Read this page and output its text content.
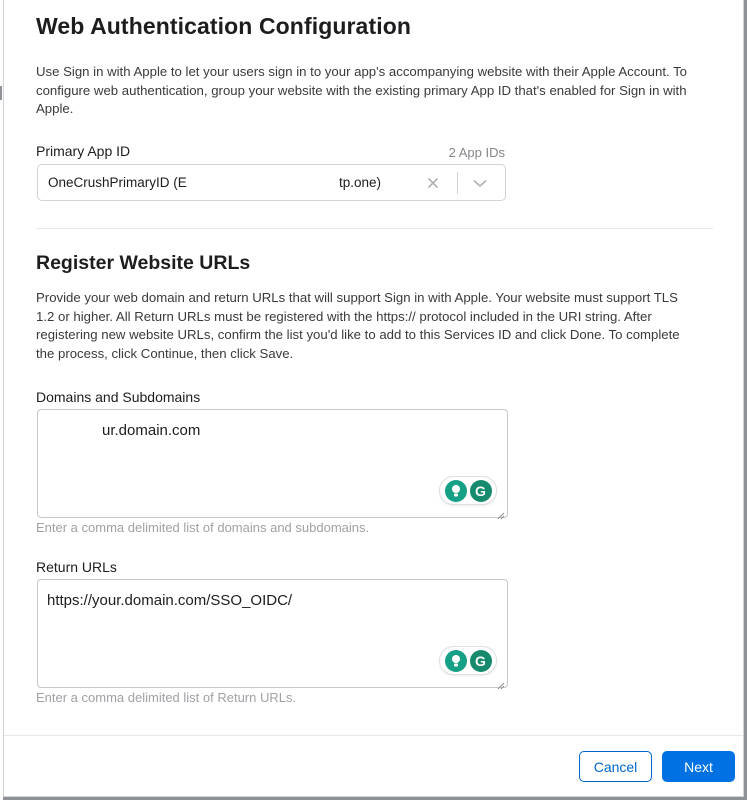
Web Authentication Configuration
Use Sign in with Apple to let your users sign in to your app's accompanying website with their Apple Account. To configure web authentication, group your website with the existing primary App ID that's enabled for Sign in with Apple.
Primary App ID	2 App IDs
OneCrushPrimaryID (E	tp.one)
Register Website URLs
Provide your web domain and return URLs that will support Sign in with Apple. Your website must support TLS 1.2 or higher. All Return URLs must be registered with the https:// protocol included in the URI string. After registering new website URLs, confirm the list you'd like to add to this Services ID and click Done. To complete the process, click Continue, then click Save.
Domains and Subdomains
ur.domain.com
G
Enter a comma delimited list of domains and subdomains.
Return URLs
https://your.domain.com/SSO_OIDC/
G
Enter a comma delimited list of Return URLs.
Cancel	Next
